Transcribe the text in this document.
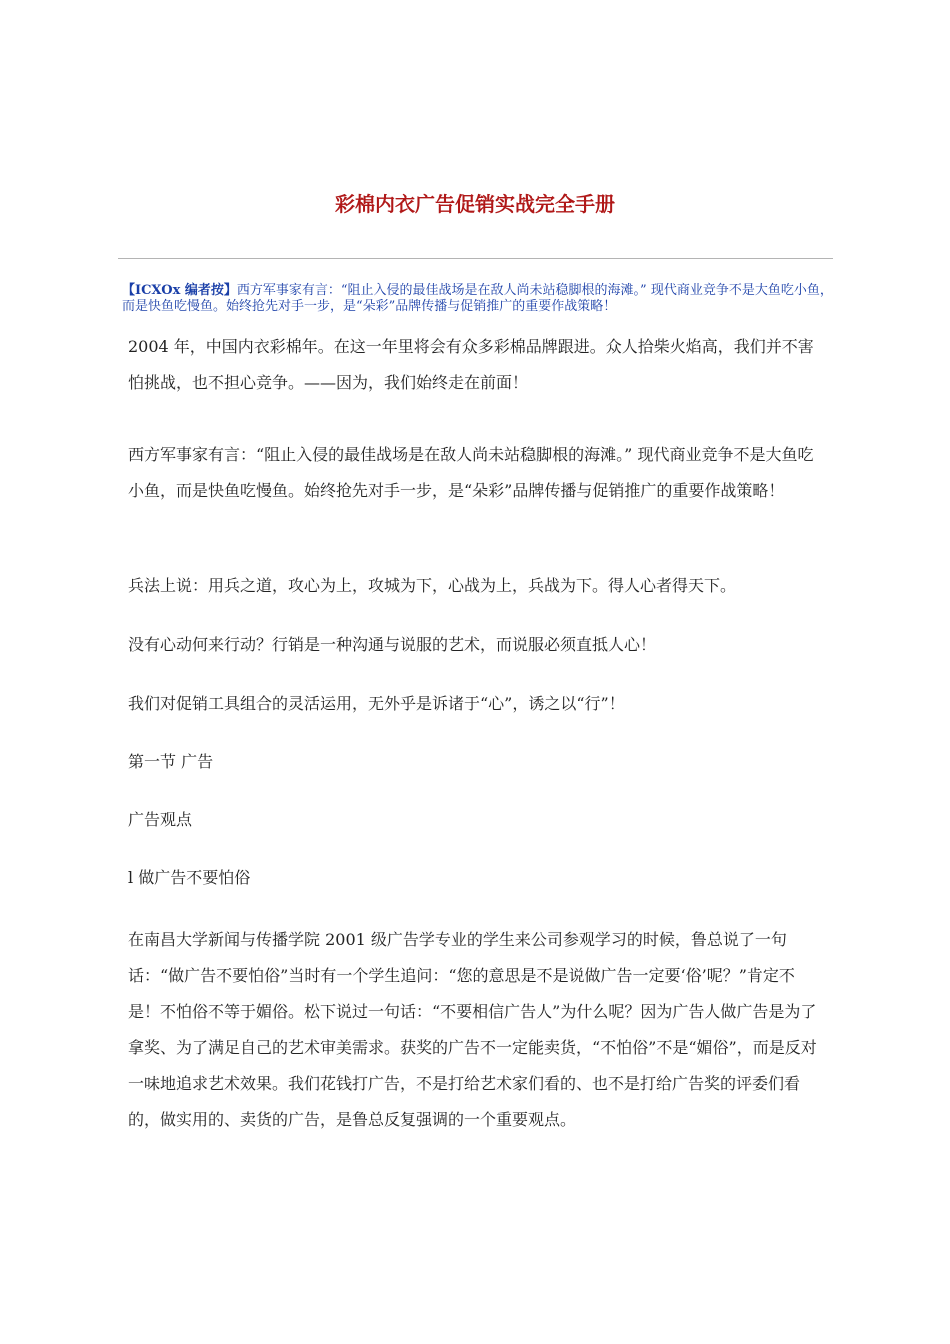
彩棉内衣广告促销实战完全手册

【ICXOx 编者按】西方军事家有言：“阻止入侵的最佳战场是在敌人尚未站稳脚根的海滩。” 现代商业竞争不是大鱼吃小鱼，而是快鱼吃慢鱼。始终抢先对手一步，是“朵彩”品牌传播与促销推广的重要作战策略！

2004 年，中国内衣彩棉年。在这一年里将会有众多彩棉品牌跟进。众人拾柴火焰高，我们并不害怕挑战，也不担心竞争。——因为，我们始终走在前面！

西方军事家有言：“阻止入侵的最佳战场是在敌人尚未站稳脚根的海滩。” 现代商业竞争不是大鱼吃小鱼，而是快鱼吃慢鱼。始终抢先对手一步，是“朵彩”品牌传播与促销推广的重要作战策略！

兵法上说：用兵之道，攻心为上，攻城为下，心战为上，兵战为下。得人心者得天下。

没有心动何来行动？行销是一种沟通与说服的艺术，而说服必须直抵人心！

我们对促销工具组合的灵活运用，无外乎是诉诸于“心”，诱之以“行”！

第一节 广告

广告观点

l 做广告不要怕俗

在南昌大学新闻与传播学院 2001 级广告学专业的学生来公司参观学习的时候，鲁总说了一句话：“做广告不要怕俗”当时有一个学生追问：“您的意思是不是说做广告一定要‘俗’呢？”肯定不是！不怕俗不等于媚俗。松下说过一句话：“不要相信广告人”为什么呢？因为广告人做广告是为了拿奖、为了满足自己的艺术审美需求。获奖的广告不一定能卖货，“不怕俗”不是“媚俗”，而是反对一味地追求艺术效果。我们花钱打广告，不是打给艺术家们看的、也不是打给广告奖的评委们看的，做实用的、卖货的广告，是鲁总反复强调的一个重要观点。
